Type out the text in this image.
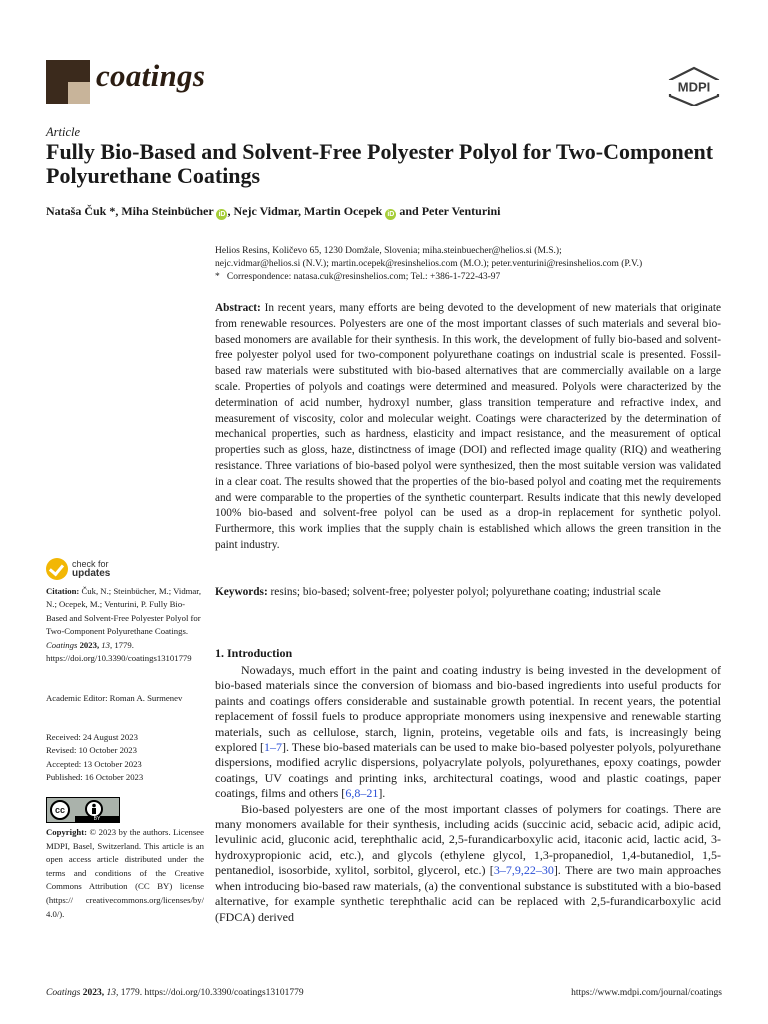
coatings	MDPI
Article
Fully Bio-Based and Solvent-Free Polyester Polyol for Two-Component Polyurethane Coatings
Nataša Čuk *, Miha Steinbücher iD , Nejc Vidmar, Martin Ocepek iD and Peter Venturini
Helios Resins, Količevo 65, 1230 Domžale, Slovenia; miha.steinbuecher@helios.si (M.S.);
nejc.vidmar@helios.si (N.V.); martin.ocepek@resinshelios.com (M.O.); peter.venturini@resinshelios.com (P.V.)
*   Correspondence: natasa.cuk@resinshelios.com; Tel.: +386-1-722-43-97
Abstract: In recent years, many efforts are being devoted to the development of new materials that originate from renewable resources. Polyesters are one of the most important classes of such materials and several bio-based monomers are available for their synthesis. In this work, the development of fully bio-based and solvent-free polyester polyol used for two-component polyurethane coatings on industrial scale is presented. Fossil-based raw materials were substituted with bio-based alternatives that are commercially available on a large scale. Properties of polyols and coatings were determined and measured. Polyols were characterized by the determination of acid number, hydroxyl number, glass transition temperature and refractive index, and measurement of viscosity, color and molecular weight. Coatings were characterized by the determination of mechanical properties, such as hardness, elasticity and impact resistance, and the measurement of optical properties such as gloss, haze, distinctness of image (DOI) and reflected image quality (RIQ) and weathering resistance. Three variations of bio-based polyol were synthesized, then the most suitable version was validated in a clear coat. The results showed that the properties of the bio-based polyol and coating met the requirements and were comparable to the properties of the synthetic counterpart. Results indicate that this newly developed 100% bio-based and solvent-free polyol can be used as a drop-in replacement for synthetic polyol. Furthermore, this work implies that the supply chain is established which allows the green transition in the paint industry.
Keywords: resins; bio-based; solvent-free; polyester polyol; polyurethane coating; industrial scale
check for
updates
Citation: Čuk, N.; Steinbücher, M.; Vidmar, N.; Ocepek, M.; Venturini, P. Fully Bio-Based and Solvent-Free Polyester Polyol for Two-Component Polyurethane Coatings. Coatings 2023, 13, 1779. https://doi.org/10.3390/coatings13101779
Academic Editor: Roman A. Surmenev
Received: 24 August 2023
Revised: 10 October 2023
Accepted: 13 October 2023
Published: 16 October 2023
cc
BY
Copyright: © 2023 by the authors. Licensee MDPI, Basel, Switzerland. This article is an open access article distributed under the terms and conditions of the Creative Commons Attribution (CC BY) license (https:// creativecommons.org/licenses/by/ 4.0/).
1. Introduction

Nowadays, much effort in the paint and coating industry is being invested in the development of bio-based materials since the conversion of biomass and bio-based ingredients into useful products for paints and coatings offers considerable and sustainable growth potential. In recent years, the potential replacement of fossil fuels to produce appropriate monomers using inexpensive and renewable starting materials, such as cellulose, starch, lignin, proteins, vegetable oils and fats, is increasingly being explored [1–7]. These bio-based materials can be used to make bio-based polyester polyols, polyurethane dispersions, modified acrylic dispersions, polyacrylate polyols, polyurethanes, epoxy coatings, powder coatings, UV coatings and printing inks, architectural coatings, wood and plastic coatings, paper coatings, films and others [6,8–21].

Bio-based polyesters are one of the most important classes of polymers for coatings. There are many monomers available for their synthesis, including acids (succinic acid, sebacic acid, adipic acid, levulinic acid, gluconic acid, terephthalic acid, 2,5-furandicarboxylic acid, itaconic acid, lactic acid, 3-hydroxypropionic acid, etc.), and glycols (ethylene glycol, 1,3-propanediol, 1,4-butanediol, 1,5-pentanediol, isosorbide, xylitol, sorbitol, glycerol, etc.) [3–7,9,22–30]. There are two main approaches when introducing bio-based raw materials, (a) the conventional substance is substituted with a bio-based alternative, for example synthetic terephthalic acid can be replaced with 2,5-furandicarboxylic acid (FDCA) derived

Coatings 2023, 13, 1779. https://doi.org/10.3390/coatings13101779	https://www.mdpi.com/journal/coatings
